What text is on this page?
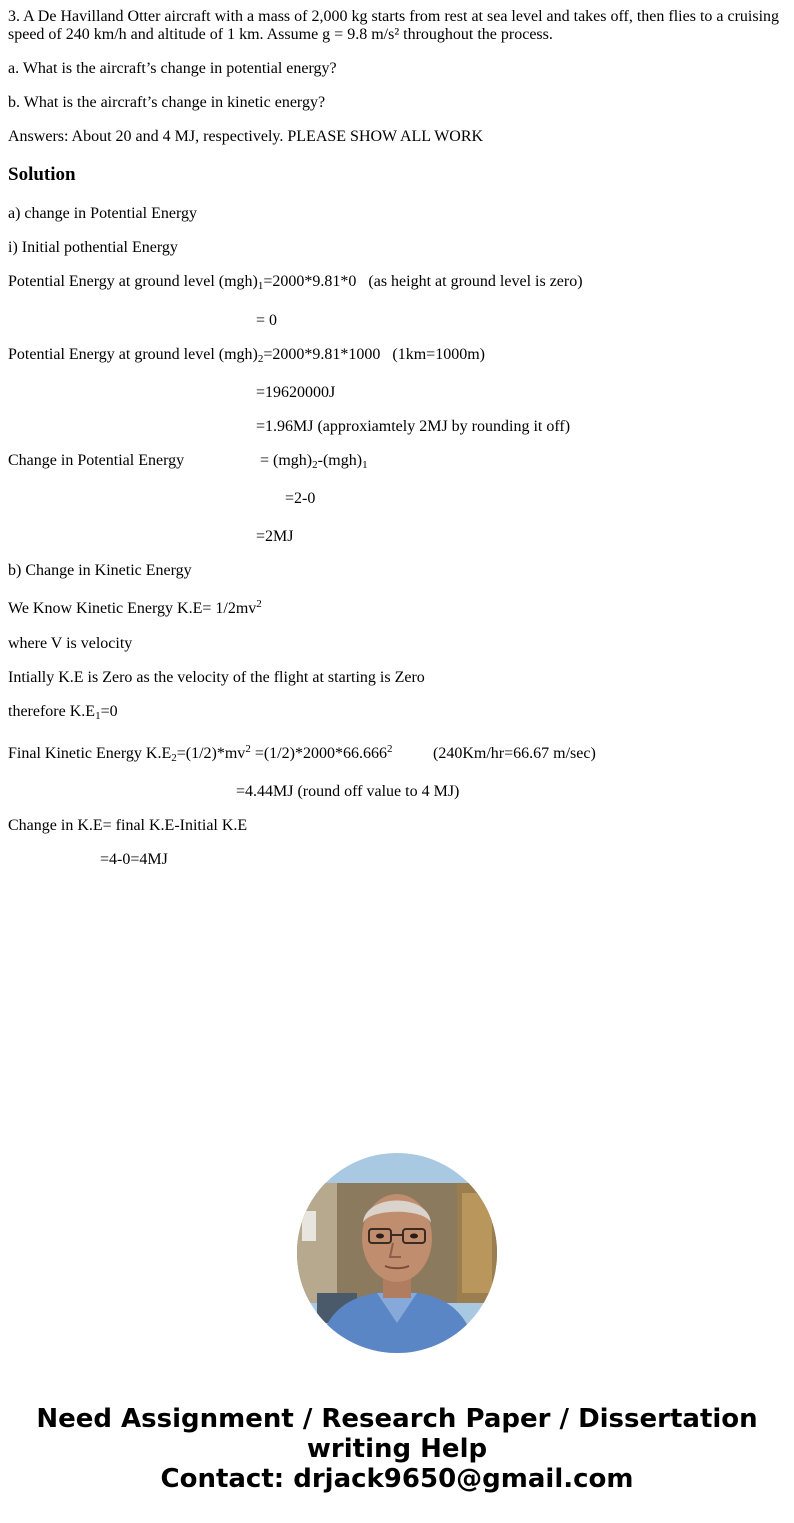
3. A De Havilland Otter aircraft with a mass of 2,000 kg starts from rest at sea level and takes off, then flies to a cruising speed of 240 km/h and altitude of 1 km. Assume g = 9.8 m/s² throughout the process.
a. What is the aircraft’s change in potential energy?
b. What is the aircraft’s change in kinetic energy?
Answers: About 20 and 4 MJ, respectively. PLEASE SHOW ALL WORK
Solution
a) change in Potential Energy
i) Initial pothential Energy
Potential Energy at ground level $(mgh)_1=2000*9.81*0$   (as height at ground level is zero)
= 0
Potential Energy at ground level $(mgh)_2=2000*9.81*1000$   (1km=1000m)
=19620000J
=1.96MJ (approxiamtely 2MJ by rounding it off)
Change in Potential Energy	= $(mgh)_2-(mgh)_1$
=2-0
=2MJ
b) Change in Kinetic Energy
We Know Kinetic Energy $K.E= 1/2mv^2$
where V is velocity
Intially K.E is Zero as the velocity of the flight at starting is Zero
therefore $K.E_1=0$
Final Kinetic Energy $K.E_2=(1/2)*mv^2 =(1/2)*2000*66.666^2$	(240Km/hr=66.67 m/sec)
=4.44MJ (round off value to 4 MJ)
Change in K.E= final K.E-Initial K.E
=4-0=4MJ
Need Assignment / Research Paper / Dissertation
writing Help
Contact: drjack9650@gmail.com
